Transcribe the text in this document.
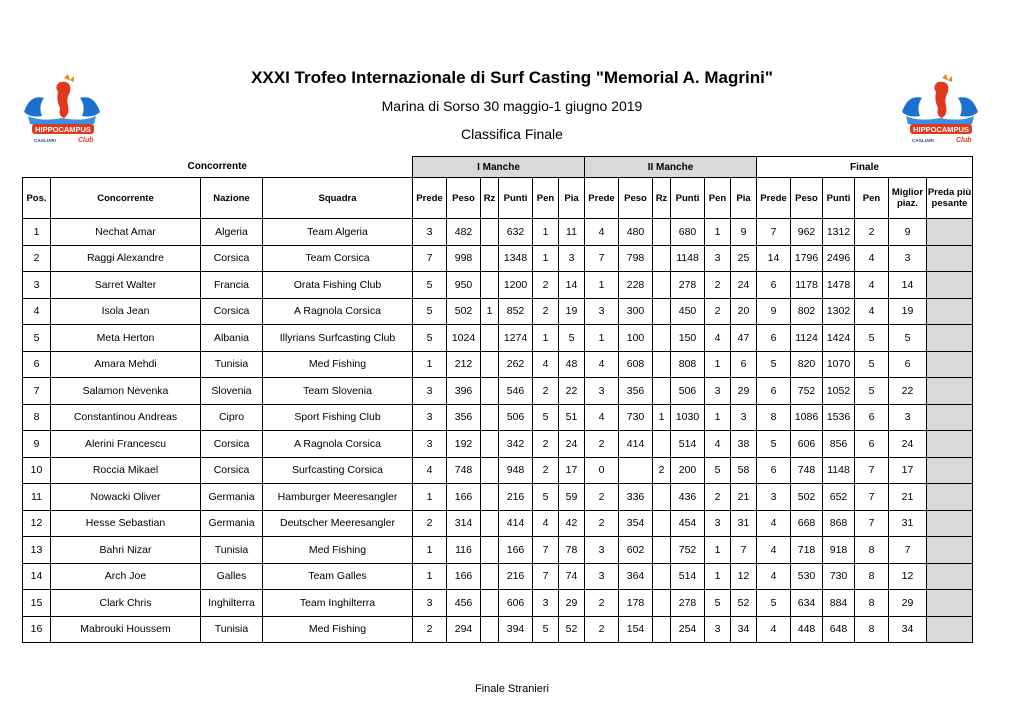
HIPPOCAMPUS
CAGLIARI	Club
XXXI Trofeo Internazionale di Surf Casting "Memorial A. Magrini"
Marina di Sorso 30 maggio-1 giugno 2019
Classifica Finale	HIPPOCAMPUS
CAGLIARI	Club
Concorrente				I Manche						II Manche						Finale					
Pos.	Concorrente	Nazione	Squadra	Prede	Peso	Rz	Punti	Pen	Pia	Prede	Peso	Rz	Punti	Pen	Pia	Prede	Peso	Punti	Pen	Miglior piaz.	Preda più pesante
1	Nechat Amar	Algeria	Team Algeria	3	482		632	1	11	4	480		680	1	9	7	962	1312	2	9	
2	Raggi Alexandre	Corsica	Team Corsica	7	998		1348	1	3	7	798		1148	3	25	14	1796	2496	4	3	
3	Sarret Walter	Francia	Orata Fishing Club	5	950		1200	2	14	1	228		278	2	24	6	1178	1478	4	14	
4	Isola Jean	Corsica	A Ragnola Corsica	5	502	1	852	2	19	3	300		450	2	20	9	802	1302	4	19	
5	Meta Herton	Albania	Illyrians Surfcasting Club	5	1024		1274	1	5	1	100		150	4	47	6	1124	1424	5	5	
6	Amara Mehdi	Tunisia	Med Fishing	1	212		262	4	48	4	608		808	1	6	5	820	1070	5	6	
7	Salamon Nevenka	Slovenia	Team Slovenia	3	396		546	2	22	3	356		506	3	29	6	752	1052	5	22	
8	Constantinou Andreas	Cipro	Sport Fishing Club	3	356		506	5	51	4	730	1	1030	1	3	8	1086	1536	6	3	
9	Alerini Francescu	Corsica	A Ragnola Corsica	3	192		342	2	24	2	414		514	4	38	5	606	856	6	24	
10	Roccia Mikael	Corsica	Surfcasting Corsica	4	748		948	2	17	0		2	200	5	58	6	748	1148	7	17	
11	Nowacki Oliver	Germania	Hamburger Meeresangler	1	166		216	5	59	2	336		436	2	21	3	502	652	7	21	
12	Hesse Sebastian	Germania	Deutscher Meeresangler	2	314		414	4	42	2	354		454	3	31	4	668	868	7	31	
13	Bahri Nizar	Tunisia	Med Fishing	1	116		166	7	78	3	602		752	1	7	4	718	918	8	7	
14	Arch Joe	Galles	Team Galles	1	166		216	7	74	3	364		514	1	12	4	530	730	8	12	
15	Clark Chris	Inghilterra	Team Inghilterra	3	456		606	3	29	2	178		278	5	52	5	634	884	8	29	
16	Mabrouki Houssem	Tunisia	Med Fishing	2	294		394	5	52	2	154		254	3	34	4	448	648	8	34	
Finale Stranieri
